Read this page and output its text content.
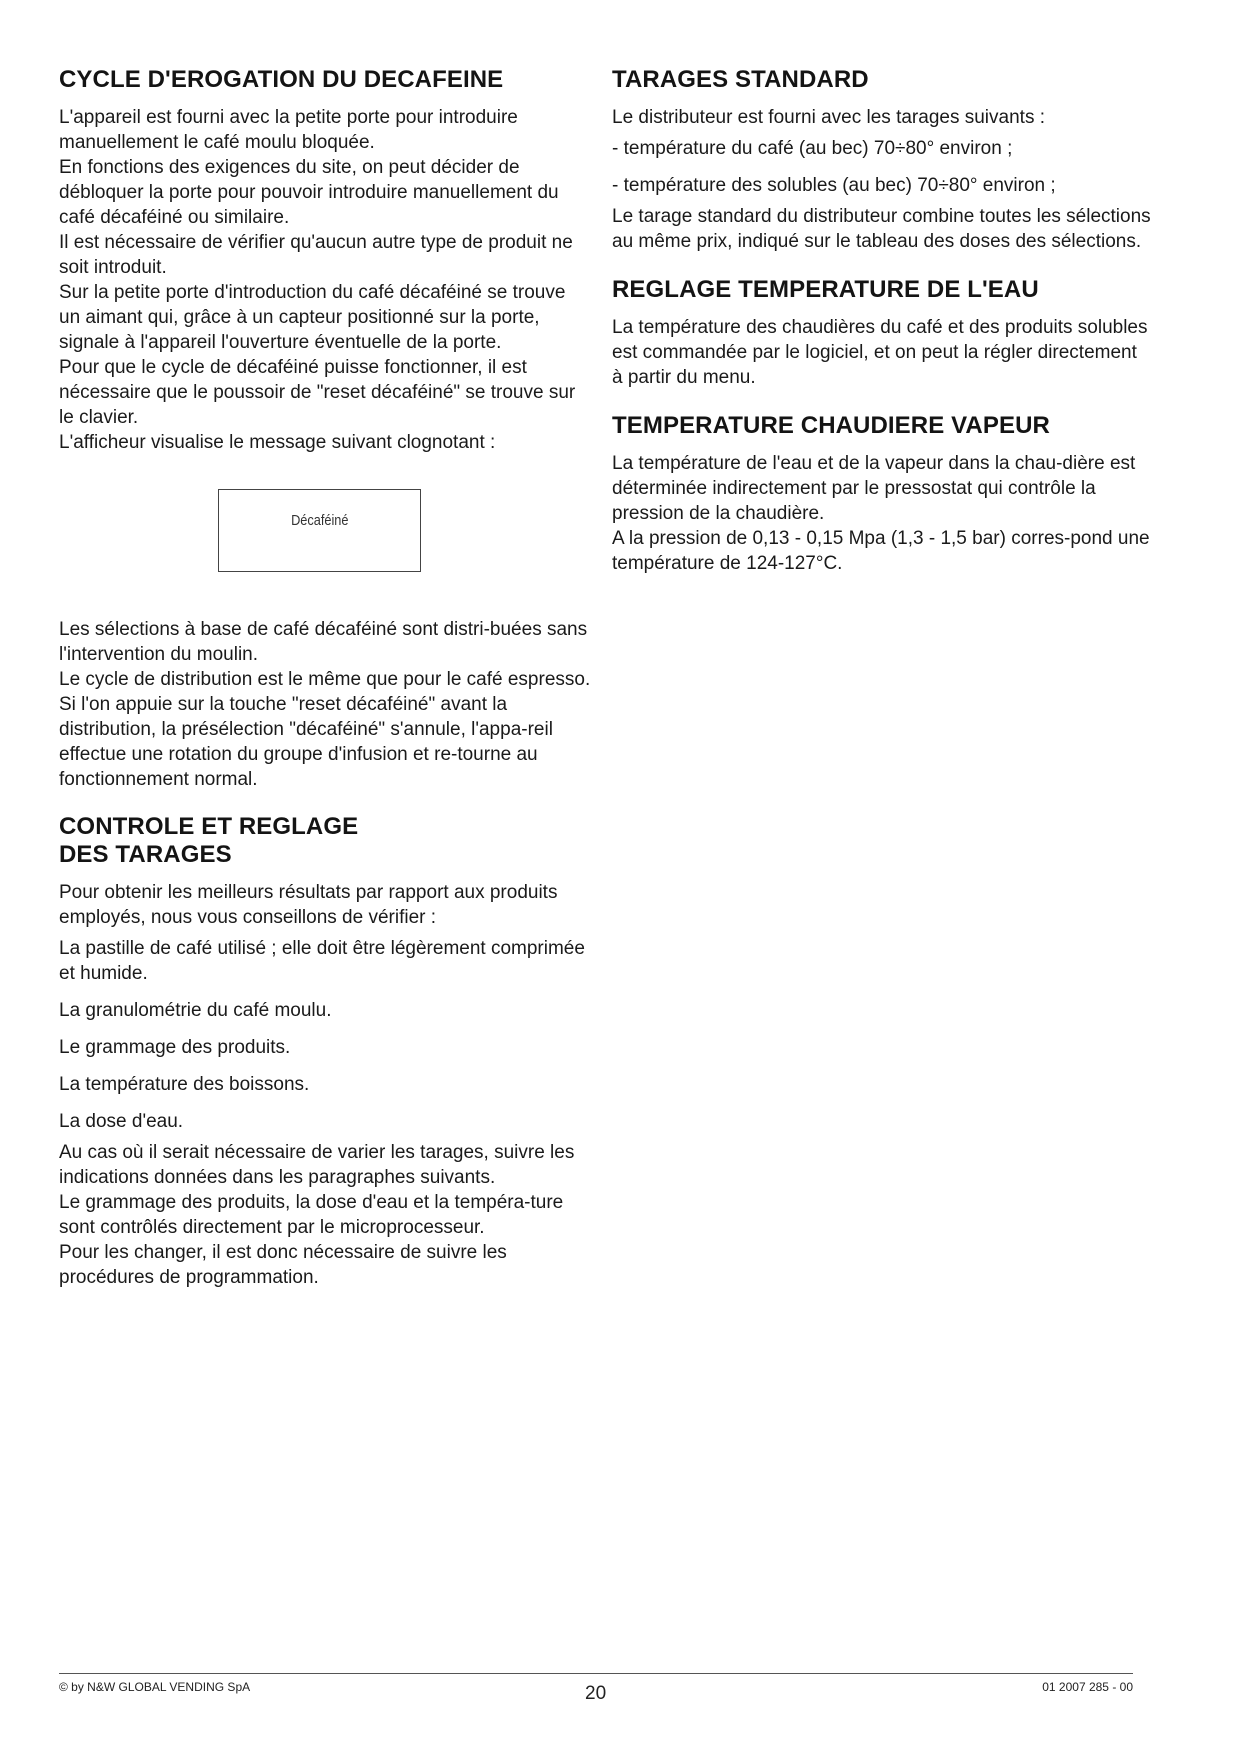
CYCLE D'EROGATION DU DECAFEINE

L'appareil est fourni avec la petite porte pour introduire manuellement le café moulu bloquée.

En fonctions des exigences du site, on peut décider de débloquer la porte pour pouvoir introduire manuellement du café décaféiné ou similaire.

Il est nécessaire de vérifier qu'aucun autre type de produit ne soit introduit.

Sur la petite porte d'introduction du café décaféiné se trouve un aimant qui, grâce à un capteur positionné sur la porte, signale à l'appareil l'ouverture éventuelle de la porte.

Pour que le cycle de décaféiné puisse fonctionner, il est nécessaire que le poussoir de "reset décaféiné" se trouve sur le clavier.

L'afficheur visualise le message suivant clognotant :

Décaféiné

Les sélections à base de café décaféiné sont distri-buées sans l'intervention du moulin.

Le cycle de distribution est le même que pour le café espresso.

Si l'on appuie sur la touche "reset décaféiné" avant la distribution, la présélection "décaféiné" s'annule, l'appa-reil effectue une rotation du groupe d'infusion et re-tourne au fonctionnement normal.

CONTROLE ET REGLAGE
DES TARAGES

Pour obtenir les meilleurs résultats par rapport aux produits employés, nous vous conseillons de vérifier :

La pastille de café utilisé ; elle doit être légèrement comprimée et humide.

La granulométrie du café moulu.

Le grammage des produits.

La température des boissons.

La dose d'eau.

Au cas où il serait nécessaire de varier les tarages, suivre les indications données dans les paragraphes suivants.

Le grammage des produits, la dose d'eau et la tempéra-ture sont contrôlés directement par le microprocesseur.

Pour les changer, il est donc nécessaire de suivre les procédures de programmation.

TARAGES STANDARD

Le distributeur est fourni avec les tarages suivants :

- température du café (au bec) 70÷80° environ ;

- température des solubles (au bec) 70÷80° environ ;

Le tarage standard du distributeur combine toutes les sélections au même prix, indiqué sur le tableau des doses des sélections.

REGLAGE TEMPERATURE DE L'EAU

La température des chaudières du café et des produits solubles est commandée par le logiciel, et on peut la régler directement à partir du menu.

TEMPERATURE CHAUDIERE VAPEUR

La température de l'eau et de la vapeur dans la chau-dière est déterminée indirectement par le pressostat qui contrôle la pression de la chaudière.

A la pression de 0,13 - 0,15 Mpa (1,3 - 1,5 bar) corres-pond une température de 124-127°C.

© by N&W GLOBAL VENDING SpA	20	01 2007 285 - 00
